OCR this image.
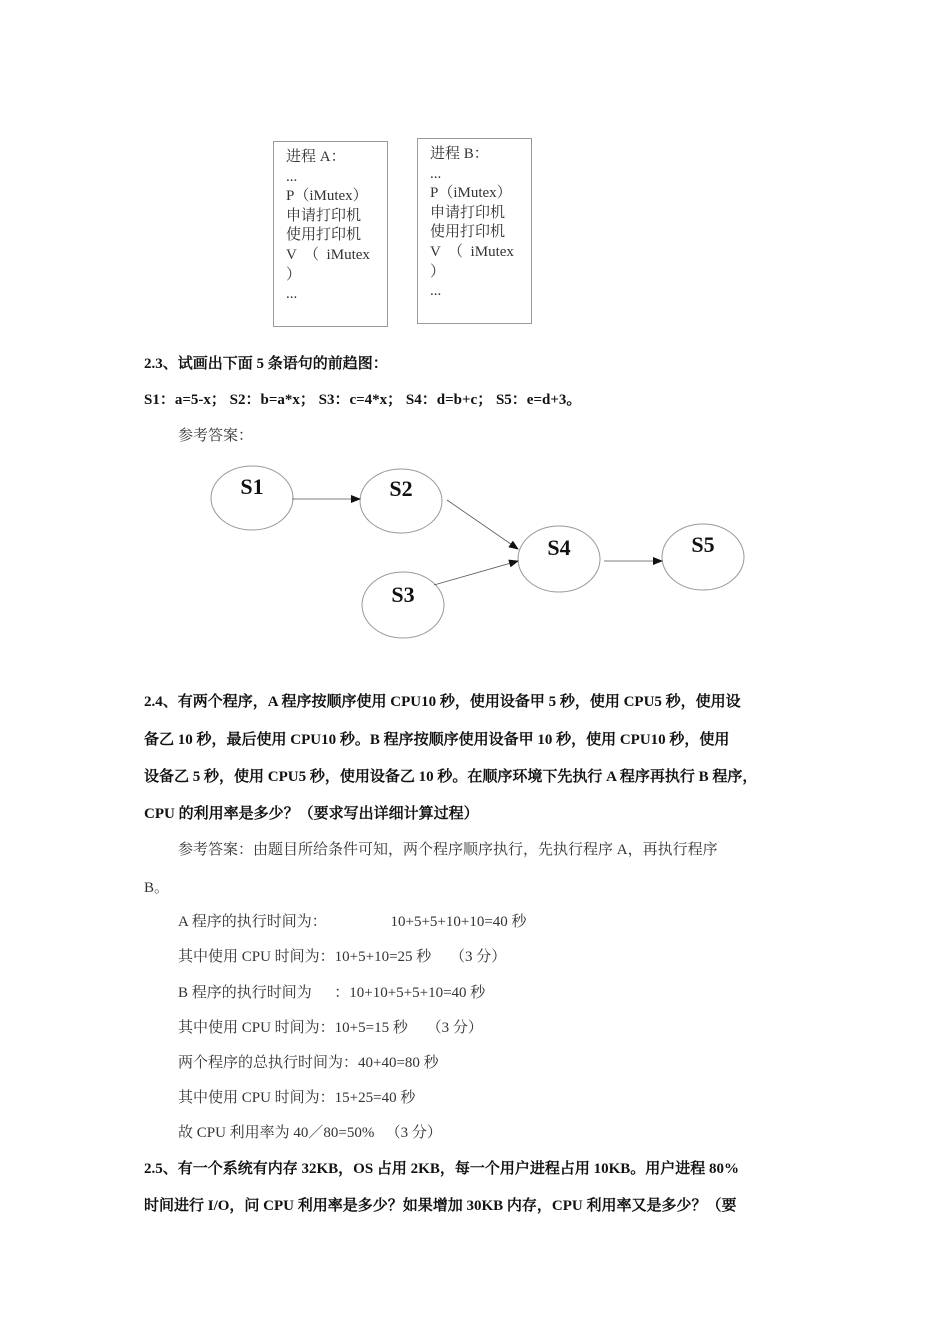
进程 A：
...
P（iMutex）
申请打印机
使用打印机
V  （  iMutex
）
...
进程 B：
...
P（iMutex）
申请打印机
使用打印机
V  （  iMutex
）
...
2.3、试画出下面 5 条语句的前趋图：
S1：a=5-x； S2：b=a*x； S3：c=4*x； S4：d=b+c； S5：e=d+3。
参考答案：
S1	S2
S3
S4	S5
2.4、有两个程序，A 程序按顺序使用 CPU10 秒，使用设备甲 5 秒，使用 CPU5 秒，使用设
备乙 10 秒，最后使用 CPU10 秒。B 程序按顺序使用设备甲 10 秒，使用 CPU10 秒，使用
设备乙 5 秒，使用 CPU5 秒，使用设备乙 10 秒。在顺序环境下先执行 A 程序再执行 B 程序，
CPU 的利用率是多少？（要求写出详细计算过程）
参考答案：由题目所给条件可知，两个程序顺序执行，先执行程序 A，再执行程序
B。
A 程序的执行时间为：                 10+5+5+10+10=40 秒
其中使用 CPU 时间为：10+5+10=25 秒     （3 分）
B 程序的执行时间为      ：10+10+5+5+10=40 秒
其中使用 CPU 时间为：10+5=15 秒     （3 分）
两个程序的总执行时间为：40+40=80 秒
其中使用 CPU 时间为：15+25=40 秒
故 CPU 利用率为 40／80=50%   （3 分）
2.5、有一个系统有内存 32KB，OS 占用 2KB，每一个用户进程占用 10KB。用户进程 80%
时间进行 I/O，问 CPU 利用率是多少？如果增加 30KB 内存，CPU 利用率又是多少？（要
